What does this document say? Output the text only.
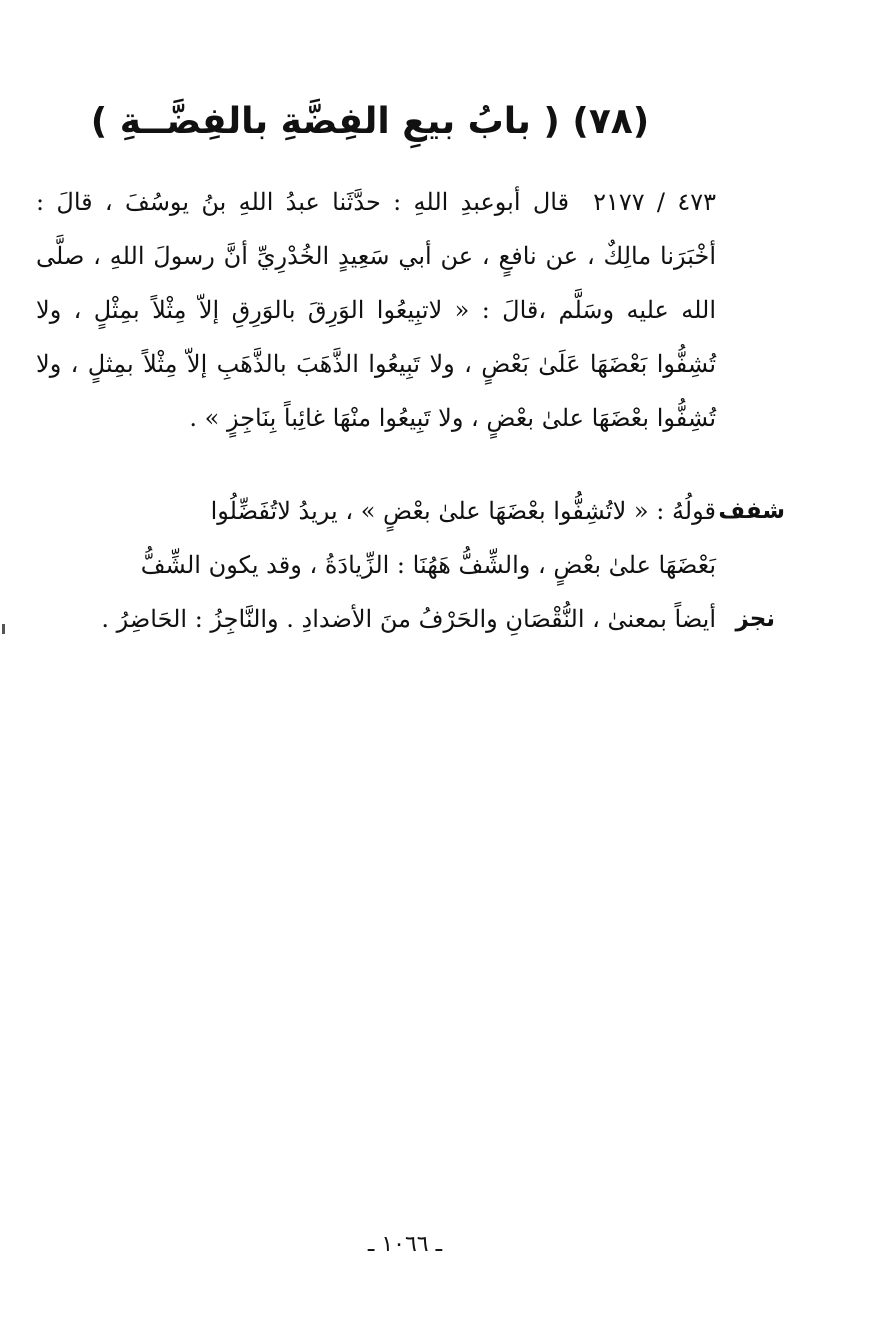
(٧٨) ( بابُ بيعِ الفِضَّةِ بالفِضَّــةِ )

٤٧٣ / ٢١٧٧قال أبوعبدِ اللهِ : حدَّثَنا عبدُ اللهِ بنُ يوسُفَ ، قالَ : أخْبَرَنا مالِكٌ ، عن نافعٍ ، عن أبي سَعِيدٍ الخُدْرِيِّ أنَّ رسولَ اللهِ ، صلَّى الله عليه وسَلَّم ،قالَ : « لاتبِيعُوا الوَرِقَ بالوَرِقِ إلاّ مِثْلاً بمِثْلٍ ، ولا تُشِفُّوا بَعْضَهَا عَلَىٰ بَعْضٍ ، ولا تَبِيعُوا الذَّهَبَ بالذَّهَبِ إلاّ مِثْلاً بمِثلٍ ، ولا تُشِفُّوا بعْضَهَا علىٰ بعْضٍ ، ولا تَبِيعُوا منْهَا غائِباً بِنَاجِزٍ » .

شفف
نجز

قولُهُ : « لاتُشِفُّوا بعْضَهَا علىٰ بعْضٍ » ، يريدُ لاتُفَضِّلُوا

بَعْضَهَا علىٰ بعْضٍ ، والشِّفُّ هَهُنَا : الزِّيادَةُ ، وقد يكون الشِّفُّ

أيضاً بمعنىٰ ، النُّقْصَانِ والحَرْفُ منَ الأضدادِ . والنَّاجِزُ : الحَاضِرُ .

ـ ١٠٦٦ ـ
